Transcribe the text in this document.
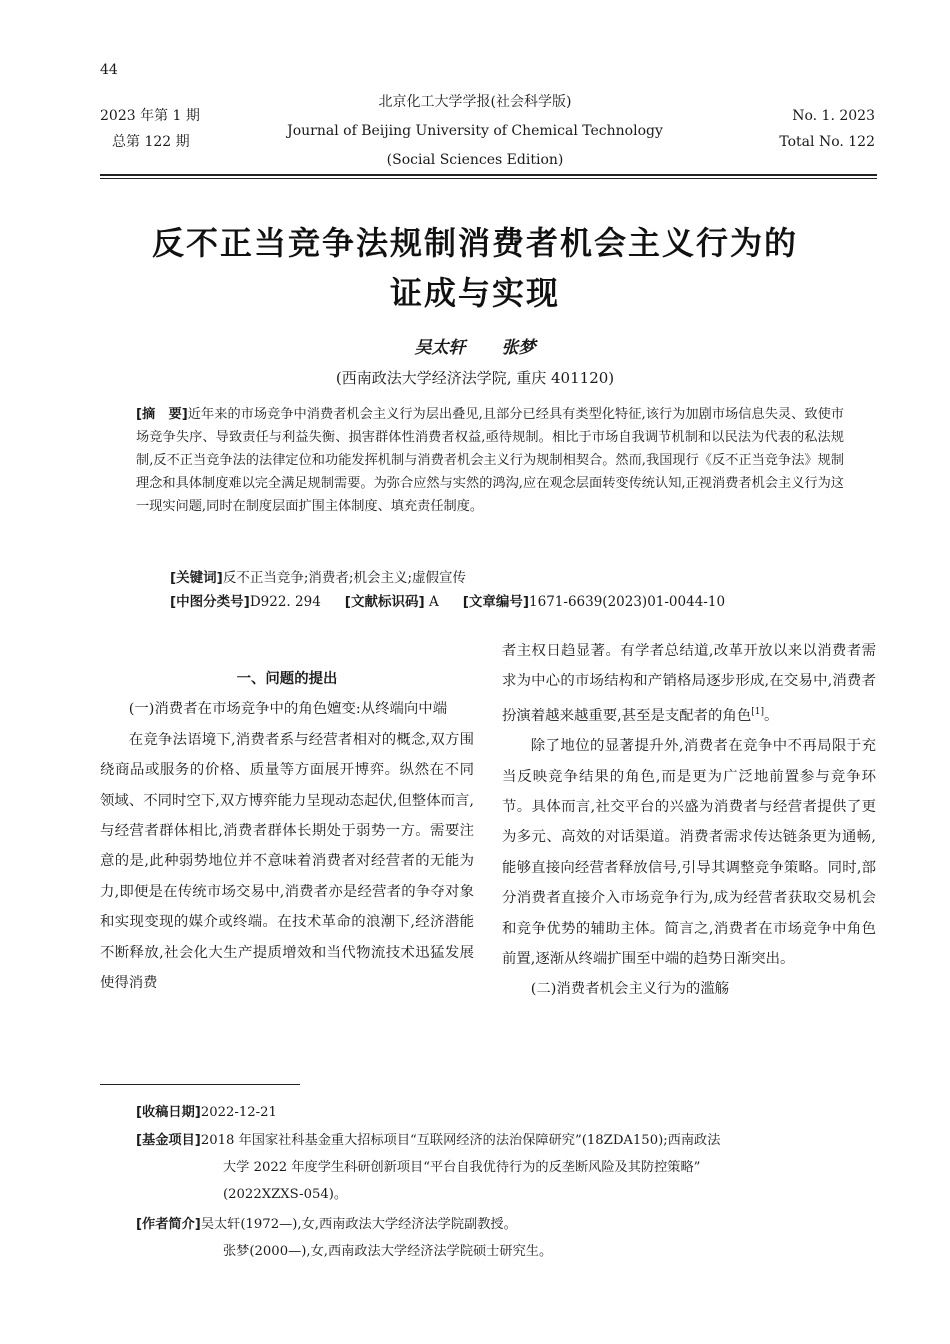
44
2023 年第 1 期
总第 122 期
北京化工大学学报(社会科学版)
Journal of Beijing University of Chemical Technology
(Social Sciences Edition)
No. 1. 2023
Total No. 122
反不正当竞争法规制消费者机会主义行为的
证成与实现
吴太轩 张梦
(西南政法大学经济法学院, 重庆 401120)
[摘　要]近年来的市场竞争中消费者机会主义行为层出叠见,且部分已经具有类型化特征,该行为加剧市场信息失灵、致使市场竞争失序、导致责任与利益失衡、损害群体性消费者权益,亟待规制。相比于市场自我调节机制和以民法为代表的私法规制,反不正当竞争法的法律定位和功能发挥机制与消费者机会主义行为规制相契合。然而,我国现行《反不正当竞争法》规制理念和具体制度难以完全满足规制需要。为弥合应然与实然的鸿沟,应在观念层面转变传统认知,正视消费者机会主义行为这一现实问题,同时在制度层面扩围主体制度、填充责任制度。
[关键词]反不正当竞争;消费者;机会主义;虚假宣传
[中图分类号]D922. 294 [文献标识码] A [文章编号]1671-6639(2023)01-0044-10

一、问题的提出

(一)消费者在市场竞争中的角色嬗变:从终端向中端

在竞争法语境下,消费者系与经营者相对的概念,双方围绕商品或服务的价格、质量等方面展开博弈。纵然在不同领域、不同时空下,双方博弈能力呈现动态起伏,但整体而言,与经营者群体相比,消费者群体长期处于弱势一方。需要注意的是,此种弱势地位并不意味着消费者对经营者的无能为力,即便是在传统市场交易中,消费者亦是经营者的争夺对象和实现变现的媒介或终端。在技术革命的浪潮下,经济潜能不断释放,社会化大生产提质增效和当代物流技术迅猛发展使得消费

者主权日趋显著。有学者总结道,改革开放以来以消费者需求为中心的市场结构和产销格局逐步形成,在交易中,消费者扮演着越来越重要,甚至是支配者的角色[1]。

除了地位的显著提升外,消费者在竞争中不再局限于充当反映竞争结果的角色,而是更为广泛地前置参与竞争环节。具体而言,社交平台的兴盛为消费者与经营者提供了更为多元、高效的对话渠道。消费者需求传达链条更为通畅,能够直接向经营者释放信号,引导其调整竞争策略。同时,部分消费者直接介入市场竞争行为,成为经营者获取交易机会和竞争优势的辅助主体。简言之,消费者在市场竞争中角色前置,逐渐从终端扩围至中端的趋势日渐突出。

(二)消费者机会主义行为的滥觞

[收稿日期]2022-12-21
[基金项目]2018 年国家社科基金重大招标项目“互联网经济的法治保障研究”(18ZDA150);西南政法
大学 2022 年度学生科研创新项目“平台自我优待行为的反垄断风险及其防控策略”
(2022XZXS-054)。
[作者简介]吴太轩(1972—),女,西南政法大学经济法学院副教授。
张梦(2000—),女,西南政法大学经济法学院硕士研究生。
